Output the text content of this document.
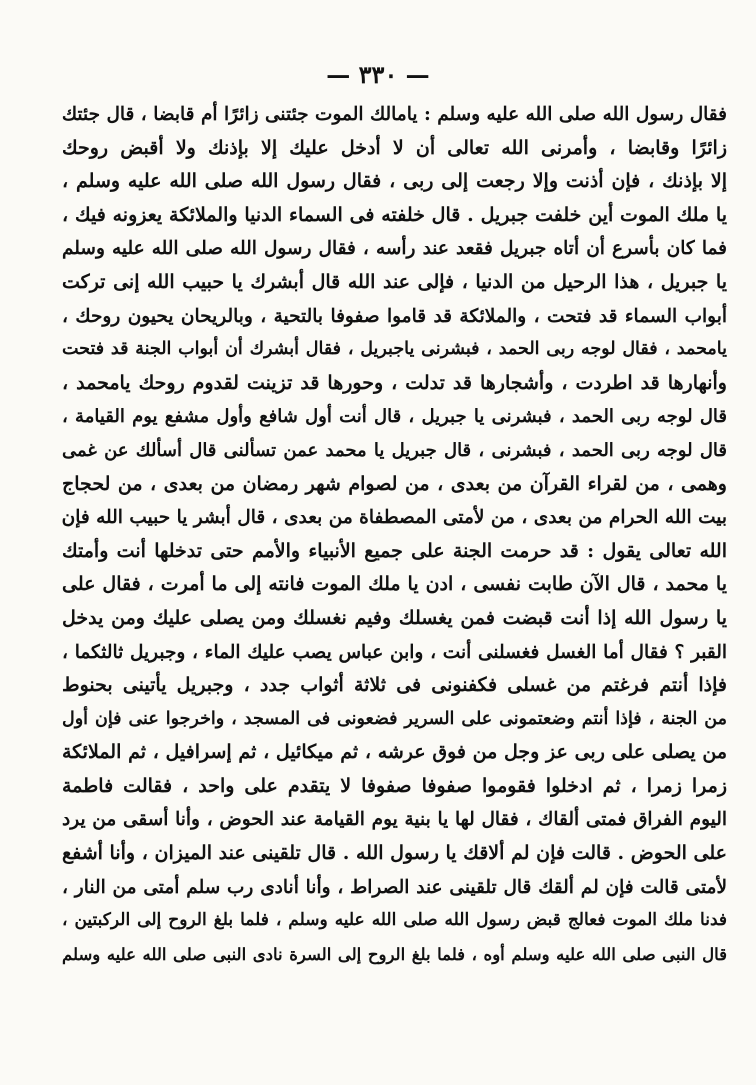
— ٣٣٠ —
فقال رسول الله صلى الله عليه وسلم : يامالك الموت جئتنى زائرًا أم قابضا ، قال جئتك
زائرًا وقابضا ، وأمرنى الله تعالى أن لا أدخل عليك إلا بإذنك ولا أقبض روحك
إلا بإذنك ، فإن أذنت وإلا رجعت إلى ربى ، فقال رسول الله صلى الله عليه وسلم ،
يا ملك الموت أين خلفت جبريل . قال خلفته فى السماء الدنيا والملائكة يعزونه فيك ،
فما كان بأسرع أن أتاه جبريل فقعد عند رأسه ، فقال رسول الله صلى الله عليه وسلم
يا جبريل ، هذا الرحيل من الدنيا ، فإلى عند الله قال أبشرك يا حبيب الله إنى تركت
أبواب السماء قد فتحت ، والملائكة قد قاموا صفوفا بالتحية ، وبالريحان يحيون روحك ،
يامحمد ، فقال لوجه ربى الحمد ، فبشرنى ياجبريل ، فقال أبشرك أن أبواب الجنة قد فتحت
وأنهارها قد اطردت ، وأشجارها قد تدلت ، وحورها قد تزينت لقدوم روحك يامحمد ،
قال لوجه ربى الحمد ، فبشرنى يا جبريل ، قال أنت أول شافع وأول مشفع يوم القيامة ،
قال لوجه ربى الحمد ، فبشرنى ، قال جبريل يا محمد عمن تسألنى قال أسألك عن غمى
وهمى ، من لقراء القرآن من بعدى ، من لصوام شهر رمضان من بعدى ، من لحجاج
بيت الله الحرام من بعدى ، من لأمتى المصطفاة من بعدى ، قال أبشر يا حبيب الله فإن
الله تعالى يقول : قد حرمت الجنة على جميع الأنبياء والأمم حتى تدخلها أنت وأمتك
يا محمد ، قال الآن طابت نفسى ، ادن يا ملك الموت فانته إلى ما أمرت ، فقال على
يا رسول الله إذا أنت قبضت فمن يغسلك وفيم نغسلك ومن يصلى عليك ومن يدخل
القبر ؟ فقال أما الغسل فغسلنى أنت ، وابن عباس يصب عليك الماء ، وجبريل ثالثكما ،
فإذا أنتم فرغتم من غسلى فكفنونى فى ثلاثة أثواب جدد ، وجبريل يأتينى بحنوط
من الجنة ، فإذا أنتم وضعتمونى على السرير فضعونى فى المسجد ، واخرجوا عنى فإن أول
من يصلى على ربى عز وجل من فوق عرشه ، ثم ميكائيل ، ثم إسرافيل ، ثم الملائكة
زمرا زمرا ، ثم ادخلوا فقوموا صفوفا صفوفا لا يتقدم على واحد ، فقالت فاطمة
اليوم الفراق فمتى ألقاك ، فقال لها يا بنية يوم القيامة عند الحوض ، وأنا أسقى من يرد
على الحوض . قالت فإن لم ألاقك يا رسول الله . قال تلقينى عند الميزان ، وأنا أشفع
لأمتى قالت فإن لم ألقك قال تلقينى عند الصراط ، وأنا أنادى رب سلم أمتى من النار ،
فدنا ملك الموت فعالج قبض رسول الله صلى الله عليه وسلم ، فلما بلغ الروح إلى الركبتين ،
قال النبى صلى الله عليه وسلم أوه ، فلما بلغ الروح إلى السرة نادى النبى صلى الله عليه وسلم
